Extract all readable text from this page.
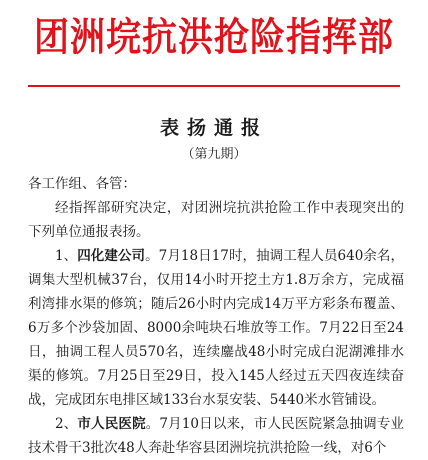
团洲垸抗洪抢险指挥部
表扬通报
（第九期）

各工作组、各管：

经指挥部研究决定，对团洲垸抗洪抢险工作中表现突出的下列单位通报表扬。

1、四化建公司。7月18日17时，抽调工程人员640余名，调集大型机械37台，仅用14小时开挖土方1.8万余方，完成福利湾排水渠的修筑；随后26小时内完成14万平方彩条布覆盖、6万多个沙袋加固、8000余吨块石堆放等工作。7月22日至24日，抽调工程人员570名，连续鏖战48小时完成白泥湖滩排水渠的修筑。7月25日至29日，投入145人经过五天四夜连续奋战，完成团东电排区域133台水泵安装、5440米水管铺设。

2、市人民医院。7月10日以来，市人民医院紧急抽调专业技术骨干3批次48人奔赴华容县团洲垸抗洪抢险一线，对6个
